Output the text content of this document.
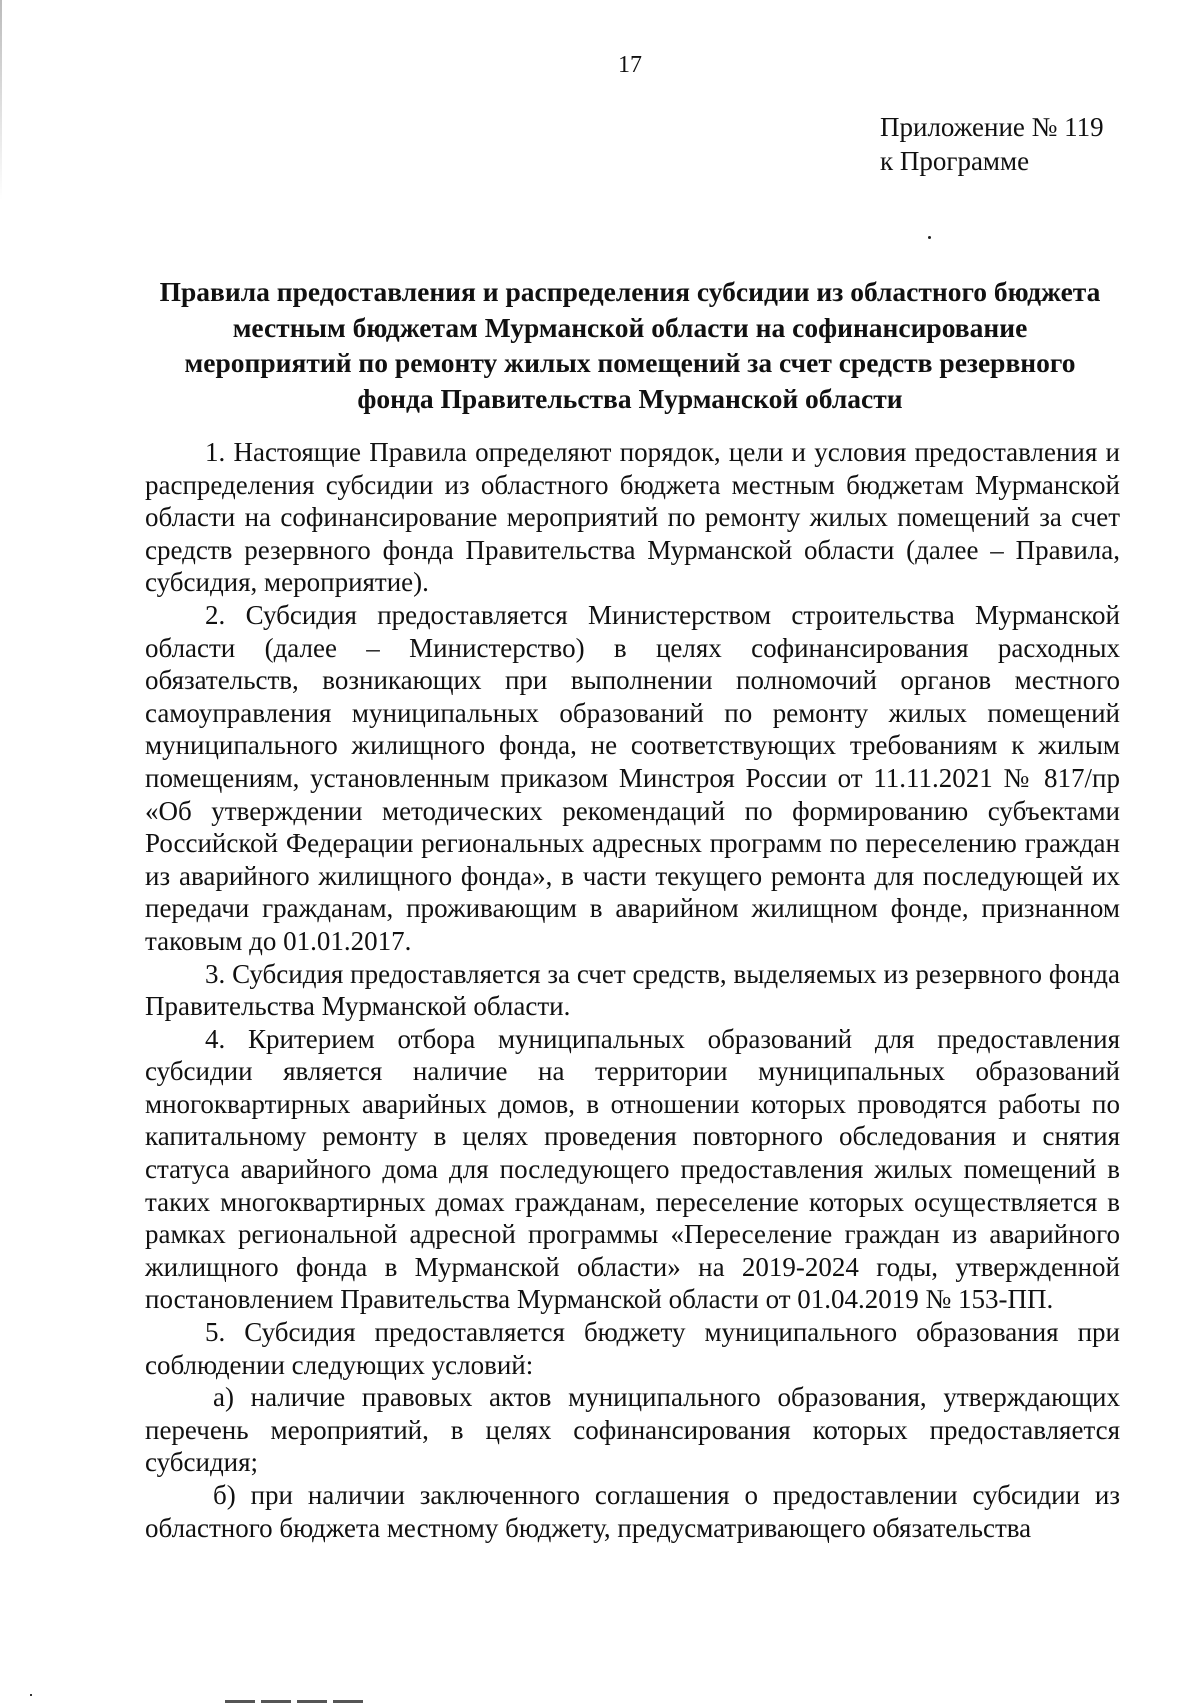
17
Приложение № 119
к Программе
Правила предоставления и распределения субсидии из областного бюджета
местным бюджетам Мурманской области на софинансирование
мероприятий по ремонту жилых помещений за счет средств резервного
фонда Правительства Мурманской области

1. Настоящие Правила определяют порядок, цели и условия предоставления и распределения субсидии из областного бюджета местным бюджетам Мурманской области на софинансирование мероприятий по ремонту жилых помещений за счет средств резервного фонда Правительства Мурманской области (далее – Правила, субсидия, мероприятие).

2. Субсидия предоставляется Министерством строительства Мурманской области (далее – Министерство) в целях софинансирования расходных обязательств, возникающих при выполнении полномочий органов местного самоуправления муниципальных образований по ремонту жилых помещений муниципального жилищного фонда, не соответствующих требованиям к жилым помещениям, установленным приказом Минстроя России от 11.11.2021 № 817/пр «Об утверждении методических рекомендаций по формированию субъектами Российской Федерации региональных адресных программ по переселению граждан из аварийного жилищного фонда», в части текущего ремонта для последующей их передачи гражданам, проживающим в аварийном жилищном фонде, признанном таковым до 01.01.2017.

3. Субсидия предоставляется за счет средств, выделяемых из резервного фонда Правительства Мурманской области.

4. Критерием отбора муниципальных образований для предоставления субсидии является наличие на территории муниципальных образований многоквартирных аварийных домов, в отношении которых проводятся работы по капитальному ремонту в целях проведения повторного обследования и снятия статуса аварийного дома для последующего предоставления жилых помещений в таких многоквартирных домах гражданам, переселение которых осуществляется в рамках региональной адресной программы «Переселение граждан из аварийного жилищного фонда в Мурманской области» на 2019-2024 годы, утвержденной постановлением Правительства Мурманской области от 01.04.2019 № 153-ПП.

5. Субсидия предоставляется бюджету муниципального образования при соблюдении следующих условий:

а) наличие правовых актов муниципального образования, утверждающих перечень мероприятий, в целях софинансирования которых предоставляется субсидия;

б) при наличии заключенного соглашения о предоставлении субсидии из областного бюджета местному бюджету, предусматривающего обязательства
